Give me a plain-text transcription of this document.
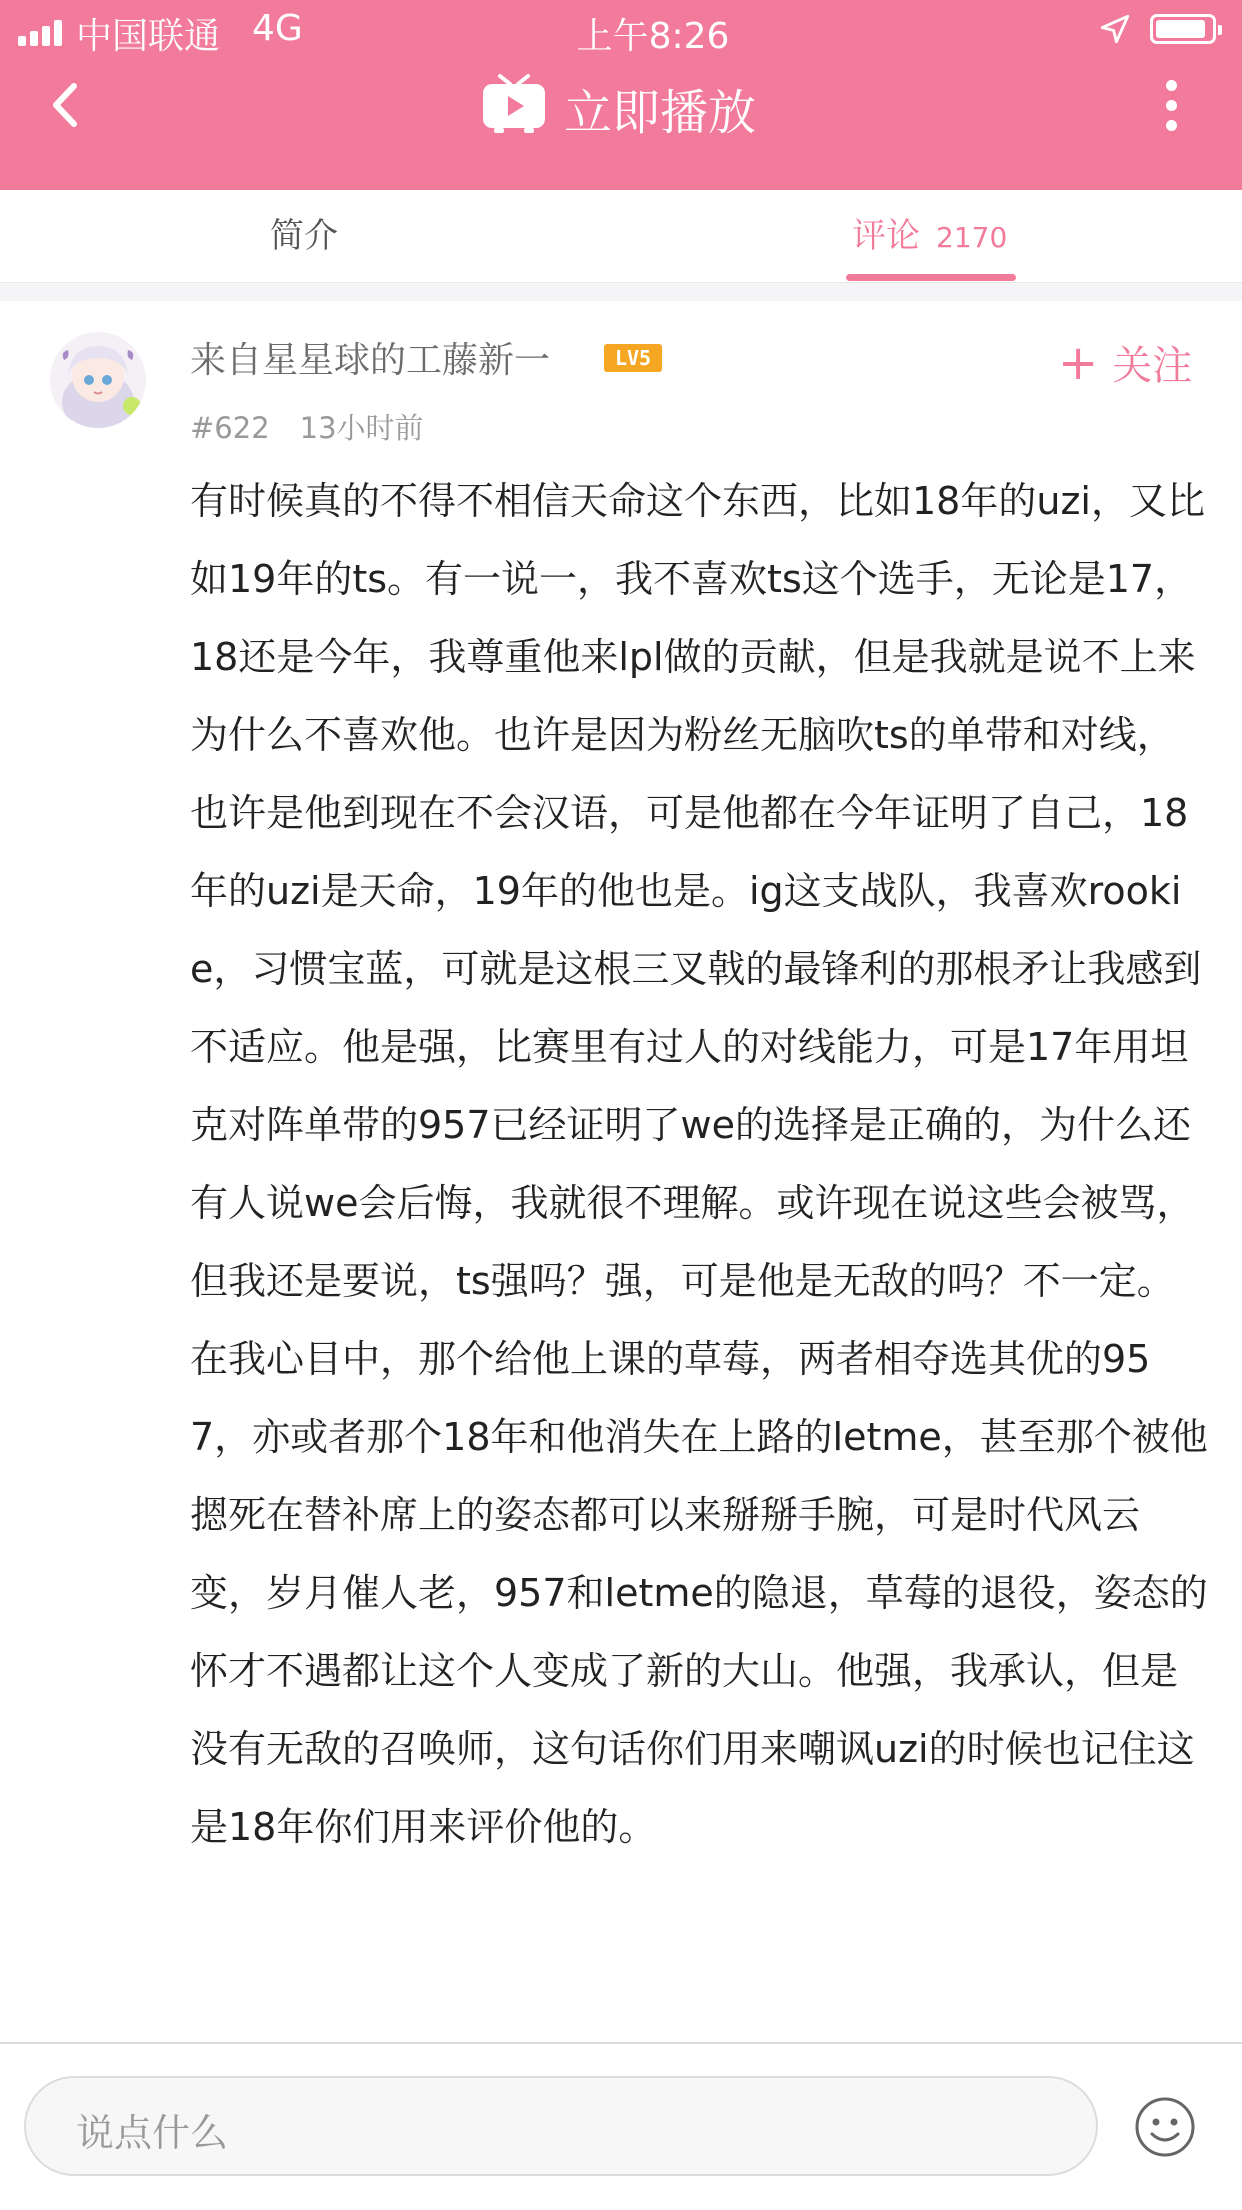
中国联通 4G	上午8:26
立即播放
简介	评论 2170
来自星星球的工藤新一	LV5	+ 关注
#622 13小时前

有时候真的不得不相信天命这个东西，比如18年的uzi，又比如19年的ts。有一说一，我不喜欢ts这个选手，无论是17，18还是今年，我尊重他来lpl做的贡献，但是我就是说不上来为什么不喜欢他。也许是因为粉丝无脑吹ts的单带和对线，也许是他到现在不会汉语，可是他都在今年证明了自己，18年的uzi是天命，19年的他也是。ig这支战队，我喜欢rookie，习惯宝蓝，可就是这根三叉戟的最锋利的那根矛让我感到不适应。他是强，比赛里有过人的对线能力，可是17年用坦克对阵单带的957已经证明了we的选择是正确的，为什么还有人说we会后悔，我就很不理解。或许现在说这些会被骂，但我还是要说，ts强吗？强，可是他是无敌的吗？不一定。在我心目中，那个给他上课的草莓，两者相夺选其优的957，亦或者那个18年和他消失在上路的letme，甚至那个被他摁死在替补席上的姿态都可以来掰掰手腕，可是时代风云变，岁月催人老，957和letme的隐退，草莓的退役，姿态的怀才不遇都让这个人变成了新的大山。他强，我承认，但是没有无敌的召唤师，这句话你们用来嘲讽uzi的时候也记住这是18年你们用来评价他的。

说点什么
